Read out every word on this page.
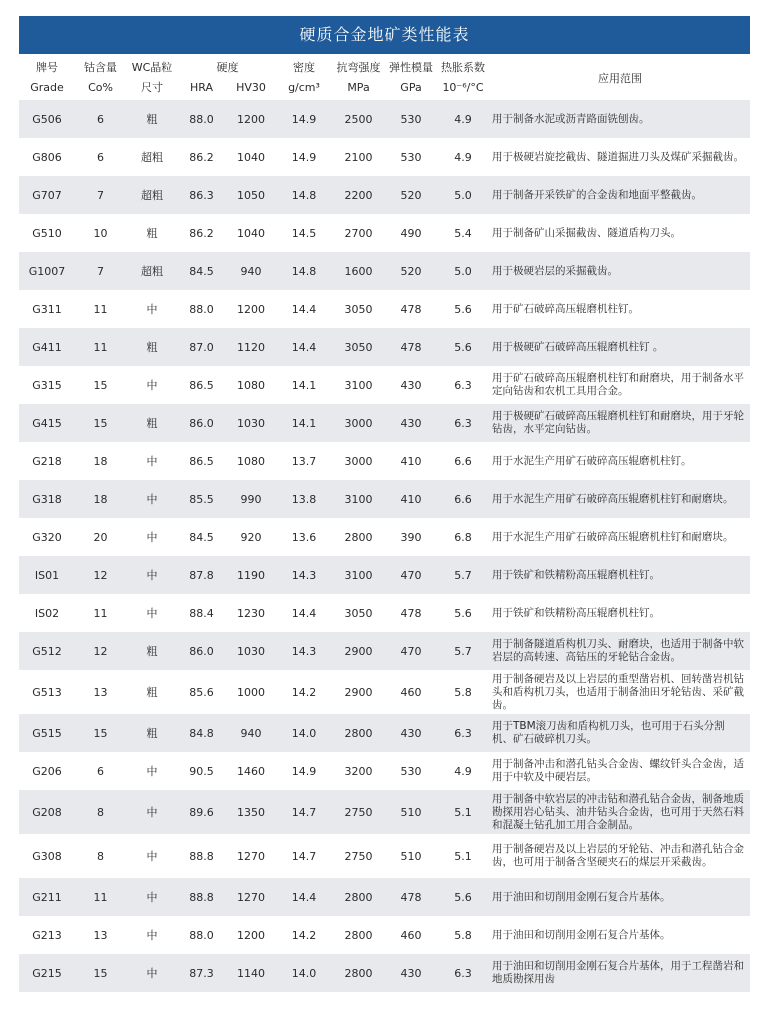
硬质合金地矿类性能表
牌号	钴含量	WC晶粒	硬度		密度	抗弯强度	弹性模量	热胀系数	应用范围
Grade	Co%	尺寸	HRA	HV30	g/cm³	MPa	GPa	10⁻⁶/°C	
G506	6	粗	88.0	1200	14.9	2500	530	4.9	用于制备水泥或沥青路面铣刨齿。
G806	6	超粗	86.2	1040	14.9	2100	530	4.9	用于极硬岩旋挖截齿、隧道掘进刀头及煤矿采掘截齿。
G707	7	超粗	86.3	1050	14.8	2200	520	5.0	用于制备开采铁矿的合金齿和地面平整截齿。
G510	10	粗	86.2	1040	14.5	2700	490	5.4	用于制备矿山采掘截齿、隧道盾构刀头。
G1007	7	超粗	84.5	940	14.8	1600	520	5.0	用于极硬岩层的采掘截齿。
G311	11	中	88.0	1200	14.4	3050	478	5.6	用于矿石破碎高压辊磨机柱钉。
G411	11	粗	87.0	1120	14.4	3050	478	5.6	用于极硬矿石破碎高压辊磨机柱钉 。
G315	15	中	86.5	1080	14.1	3100	430	6.3	用于矿石破碎高压辊磨机柱钉和耐磨块，用于制备水平定向钻齿和农机工具用合金。
G415	15	粗	86.0	1030	14.1	3000	430	6.3	用于极硬矿石破碎高压辊磨机柱钉和耐磨块，用于牙轮钻齿，水平定向钻齿。
G218	18	中	86.5	1080	13.7	3000	410	6.6	用于水泥生产用矿石破碎高压辊磨机柱钉。
G318	18	中	85.5	990	13.8	3100	410	6.6	用于水泥生产用矿石破碎高压辊磨机柱钉和耐磨块。
G320	20	中	84.5	920	13.6	2800	390	6.8	用于水泥生产用矿石破碎高压辊磨机柱钉和耐磨块。
IS01	12	中	87.8	1190	14.3	3100	470	5.7	用于铁矿和铁精粉高压辊磨机柱钉。
IS02	11	中	88.4	1230	14.4	3050	478	5.6	用于铁矿和铁精粉高压辊磨机柱钉。
G512	12	粗	86.0	1030	14.3	2900	470	5.7	用于制备隧道盾构机刀头、耐磨块，也适用于制备中软岩层的高转速、高钻压的牙轮钻合金齿。
G513	13	粗	85.6	1000	14.2	2900	460	5.8	用于制备硬岩及以上岩层的重型凿岩机、回转凿岩机钻头和盾构机刀头，也适用于制备油田牙轮钻齿、采矿截齿。
G515	15	粗	84.8	940	14.0	2800	430	6.3	用于TBM滚刀齿和盾构机刀头，也可用于石头分割机、矿石破碎机刀头。
G206	6	中	90.5	1460	14.9	3200	530	4.9	用于制备冲击和潜孔钻头合金齿、螺纹钎头合金齿，适用于中软及中硬岩层。
G208	8	中	89.6	1350	14.7	2750	510	5.1	用于制备中软岩层的冲击钻和潜孔钻合金齿，制备地质勘探用岩心钻头、油井钻头合金齿，也可用于天然石料和混凝土钻孔加工用合金制品。
G308	8	中	88.8	1270	14.7	2750	510	5.1	用于制备硬岩及以上岩层的牙轮钻、冲击和潜孔钻合金齿，也可用于制备含坚硬夹石的煤层开采截齿。
G211	11	中	88.8	1270	14.4	2800	478	5.6	用于油田和切削用金刚石复合片基体。
G213	13	中	88.0	1200	14.2	2800	460	5.8	用于油田和切削用金刚石复合片基体。
G215	15	中	87.3	1140	14.0	2800	430	6.3	用于油田和切削用金刚石复合片基体，用于工程凿岩和地质勘探用齿
